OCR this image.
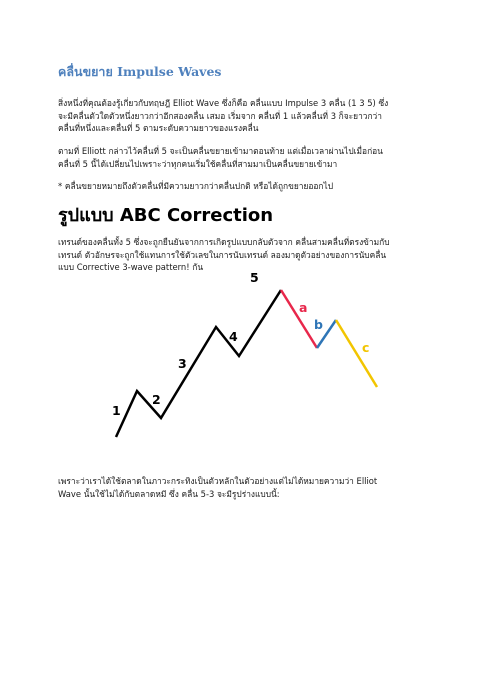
คลื่นขยาย Impulse Waves
สิ่งหนึ่งที่คุณต้องรู้เกี่ยวกับทฤษฎี Elliot Wave ซึ่งก็คือ คลื่นแบบ Impulse 3 คลื่น (1 3 5) ซึ่ง
จะมีคลื่นตัวใดตัวหนึ่งยาวกว่าอีกสองคลื่น เสมอ เริ่มจาก คลื่นที่ 1 แล้วคลื่นที่ 3 ก็จะยาวกว่า
คลื่นที่หนึ่งและคลื่นที่ 5 ตามระดับความยาวของแรงคลื่น
ตามที่ Elliott กล่าวไว้คลื่นที่ 5 จะเป็นคลื่นขยายเข้ามาตอนท้าย แต่เมื่อเวลาผ่านไปเมื่อก่อน
คลื่นที่ 5 นี้ได้เปลี่ยนไปเพราะว่าทุกคนเริ่มใช้คลื่นที่สามมาเป็นคลื่นขยายเข้ามา
* คลื่นขยายหมายถึงตัวคลื่นที่มีความยาวกว่าคลื่นปกติ หรือได้ถูกขยายออกไป
รูปแบบ ABC Correction
เทรนด์ของคลื่นทั้ง 5 ซึ่งจะถูกยืนยันจากการเกิดรูปแบบกลับตัวจาก คลื่นสามคลื่นที่ตรงข้ามกับ
เทรนด์ ตัวอักษรจะถูกใช้แทนการใช้ตัวเลขในการนับเทรนด์ ลองมาดูตัวอย่างของการนับคลื่น
แบบ Corrective 3-wave pattern! กัน
1
2
3
4
5
a
b
c
เพราะว่าเราได้ใช้ตลาดในภาวะกระทิงเป็นตัวหลักในตัวอย่างแต่ไม่ได้หมายความว่า Elliot
Wave นั้นใช้ไม่ได้กับตลาดหมี ซึ่ง คลื่น 5-3 จะมีรูปร่างแบบนี้:
